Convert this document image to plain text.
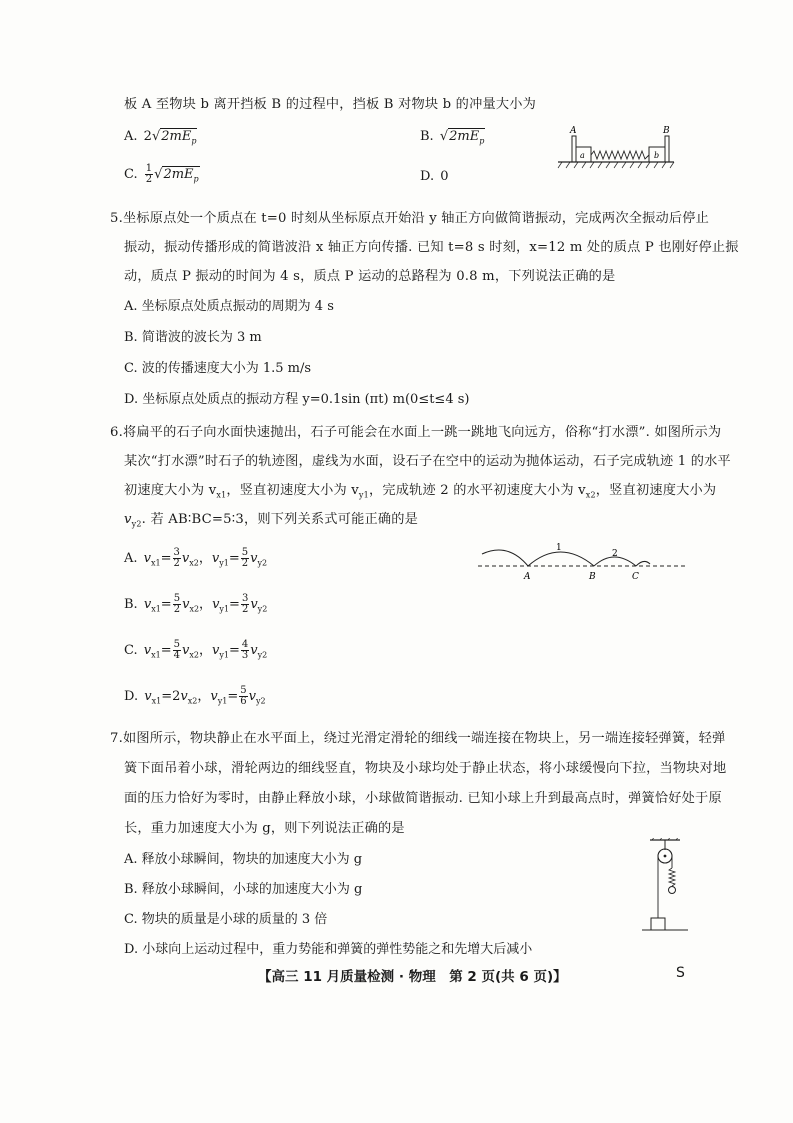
板 A 至物块 b 离开挡板 B 的过程中，挡板 B 对物块 b 的冲量大小为
A. $2√2mE_p$	B. $√2mE_p$
C. $\frac{1}{2} √2mE_p$	D. 0
A	B
a	b
5.坐标原点处一个质点在 t=0 时刻从坐标原点开始沿 y 轴正方向做简谐振动，完成两次全振动后停止
振动，振动传播形成的简谐波沿 x 轴正方向传播. 已知 t=8 s 时刻，x=12 m 处的质点 P 也刚好停止振
动，质点 P 振动的时间为 4 s，质点 P 运动的总路程为 0.8 m，下列说法正确的是
A. 坐标原点处质点振动的周期为 4 s
B. 简谐波的波长为 3 m
C. 波的传播速度大小为 1.5 m/s
D. 坐标原点处质点的振动方程 y=0.1sin (πt) m(0≤t≤4 s)
6.将扁平的石子向水面快速抛出，石子可能会在水面上一跳一跳地飞向远方，俗称“打水漂”. 如图所示为
某次“打水漂”时石子的轨迹图，虚线为水面，设石子在空中的运动为抛体运动，石子完成轨迹 1 的水平
初速度大小为 $v_{x1}$，竖直初速度大小为 $v_{y1}$，完成轨迹 2 的水平初速度大小为 $v_{x2}$，竖直初速度大小为
$v_{y2}$. 若 AB∶BC=5∶3，则下列关系式可能正确的是
A. $v_{x1}= \frac{3}{2} v_{x2}$，$v_{y1}= \frac{5}{2} v_{y2}$
B. $v_{x1}= \frac{5}{2} v_{x2}$，$v_{y1}= \frac{3}{2} v_{y2}$
C. $v_{x1}= \frac{5}{4} v_{x2}$，$v_{y1}= \frac{4}{3} v_{y2}$
D. $v_{x1}=2v_{x2}$，$v_{y1}= \frac{5}{6} v_{y2}$
1
2
A	B	C
7.如图所示，物块静止在水平面上，绕过光滑定滑轮的细线一端连接在物块上，另一端连接轻弹簧，轻弹
簧下面吊着小球，滑轮两边的细线竖直，物块及小球均处于静止状态，将小球缓慢向下拉，当物块对地
面的压力恰好为零时，由静止释放小球，小球做简谐振动. 已知小球上升到最高点时，弹簧恰好处于原
长，重力加速度大小为 g，则下列说法正确的是
A. 释放小球瞬间，物块的加速度大小为 g
B. 释放小球瞬间，小球的加速度大小为 g
C. 物块的质量是小球的质量的 3 倍
D. 小球向上运动过程中，重力势能和弹簧的弹性势能之和先增大后减小
【高三 11 月质量检测 · 物理　第 2 页(共 6 页)】	S
